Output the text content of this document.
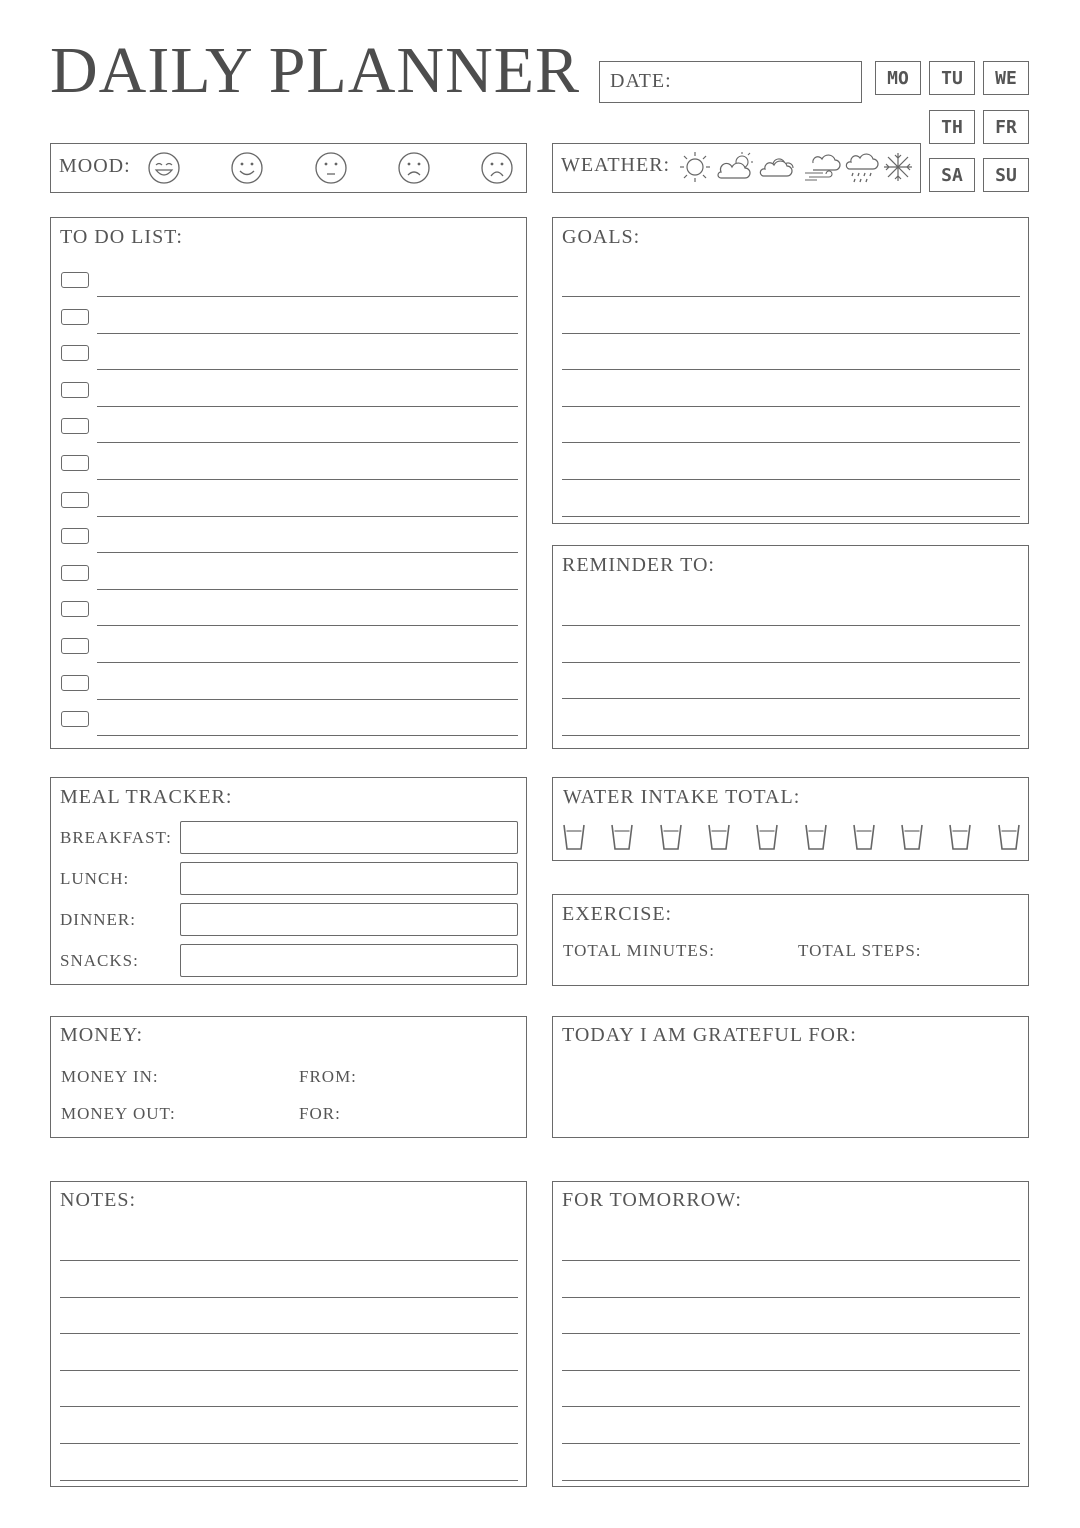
DAILY PLANNER DATE:	MO	TU	WE
TH	FR
SA	SU
MOOD:	WEATHER:
TO DO LIST:	GOALS:
REMINDER TO:
MEAL TRACKER:
BREAKFAST:
LUNCH:
DINNER:
SNACKS:
WATER INTAKE TOTAL:
EXERCISE:
TOTAL MINUTES:	TOTAL STEPS:
MONEY:
MONEY IN:	FROM:
MONEY OUT:	FOR:
TODAY I AM GRATEFUL FOR:
NOTES:	FOR TOMORROW:
